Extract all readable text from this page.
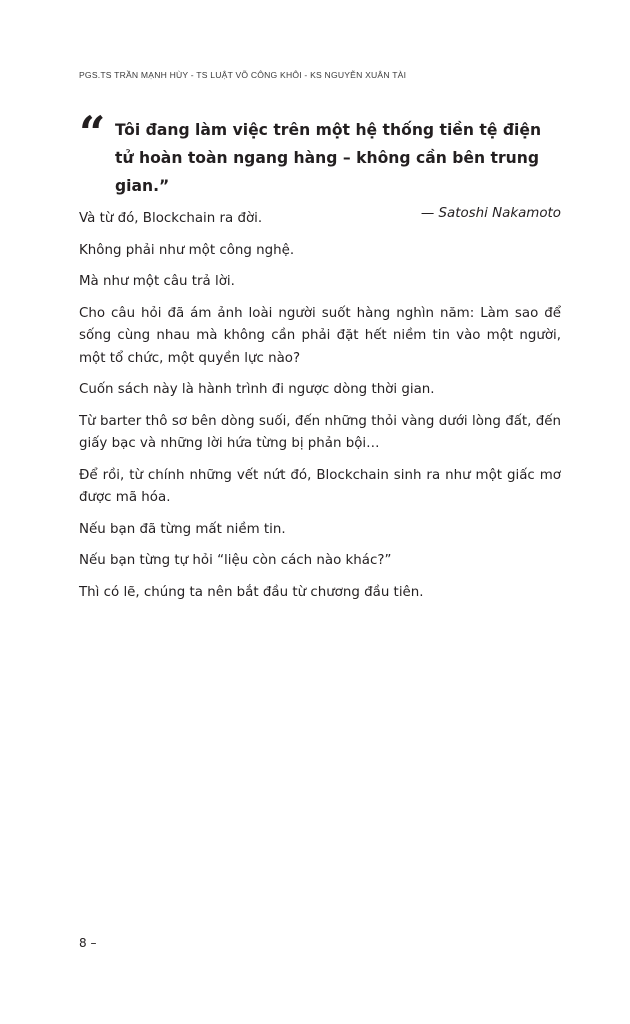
PGS.TS TRẦN MẠNH HÙY - TS LUẬT VÕ CÔNG KHÔI - KS NGUYỄN XUÂN TÀI
“ Tôi đang làm việc trên một hệ thống tiền tệ điện tử hoàn toàn ngang hàng – không cần bên trung gian.”
— Satoshi Nakamoto

Và từ đó, Blockchain ra đời.

Không phải như một công nghệ.

Mà như một câu trả lời.

Cho câu hỏi đã ám ảnh loài người suốt hàng nghìn năm: Làm sao để sống cùng nhau mà không cần phải đặt hết niềm tin vào một người, một tổ chức, một quyền lực nào?

Cuốn sách này là hành trình đi ngược dòng thời gian.

Từ barter thô sơ bên dòng suối, đến những thỏi vàng dưới lòng đất, đến giấy bạc và những lời hứa từng bị phản bội…

Để rồi, từ chính những vết nứt đó, Blockchain sinh ra như một giấc mơ được mã hóa.

Nếu bạn đã từng mất niềm tin.

Nếu bạn từng tự hỏi “liệu còn cách nào khác?”

Thì có lẽ, chúng ta nên bắt đầu từ chương đầu tiên.

8 –
